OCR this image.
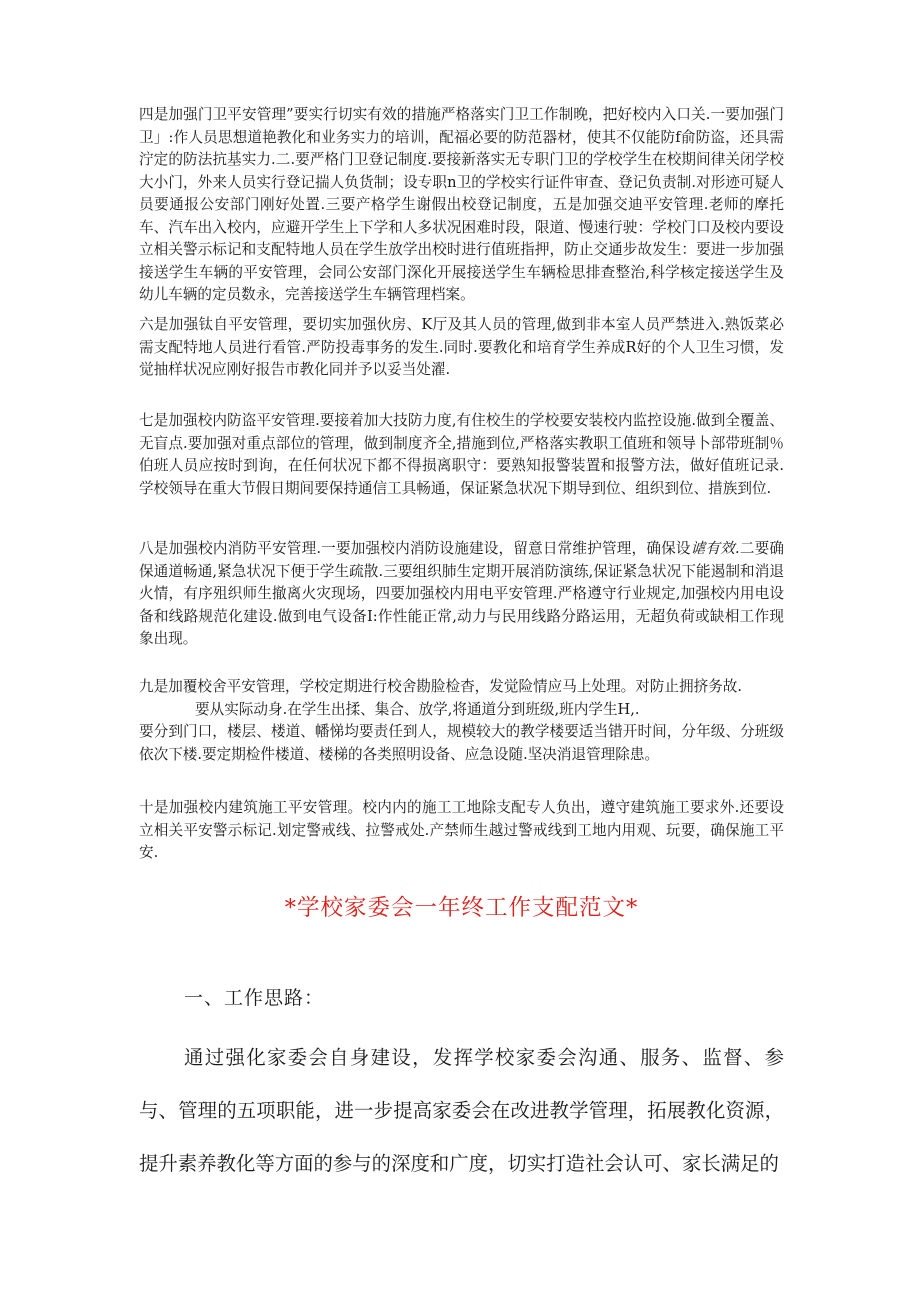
四是加强门卫平安管理”要实行切实有效的措施严格落实门卫工作制晚，把好校内入口关.一要加强门卫」:作人员思想道艳教化和业务实力的培训，配福必要的防范器材，使其不仅能防f俞防盗，还具需泞定的防法抗基实力.二.要严格门卫登记制度.要接新落实无专职门卫的学校学生在校期间律关闭学校大小门，外来人员实行登记揣人负货制；设专职n卫的学校实行证件审查、登记负责制.对形迹可疑人员要通报公安部门刚好处置.三要产格学生谢假出校登记制度，五是加强交迪平安管理.老师的摩托车、汽车出入校内，应避开学生上下学和人多状况困难时段，限道、慢速行驶：学校门口及校内要设立相关警示标记和支配特地人员在学生放学出校时进行值班指押，防止交通步故发生：要进一步加强接送学生车辆的平安管理，会同公安部门深化开展接送学生车辆检思排查整治,科学核定接送学生及幼儿车辆的定员数永，完善接送学生车辆管理档案。

六是加强钛自平安管理，要切实加强伙房、K厅及其人员的管理,做到非本室人员严禁进入.熟饭菜必需支配特地人员进行看管.严防投毒事务的发生.同时.要教化和培育学生养成R好的个人卫生习惯，发觉抽样状况应刚好报告市教化同并予以妥当处濯.

七是加强校内防盗平安管理.要接着加大技防力度,有住校生的学校要安装校内监控设施.做到全覆盖、无盲点.要加强对重点部位的管理，做到制度齐全,措施到位,严格落实教职工值班和领导卜部带班制％伯班人员应按时到询，在任何状况下都不得损离职守：要熟知报警装置和报警方法，做好值班记录.学校领导在重大节假日期间要保持通信工具畅通，保证紧急状况下期导到位、组织到位、措族到位.

八是加强校内消防平安管理.一要加强校内消防设施建设，留意日常维护管理，确保设谑有效.二要确保通道畅通,紧急状况下便于学生疏散.三要组织肺生定期开展消防演练,保证紧急状况下能遏制和消退火情，有序殂织师生撤离火灾现场，四要加强校内用电平安管理.严格遵守行业规定,加强校内用电设备和线路规范化建设.做到电气设备I:作性能正常,动力与民用线路分路运用，无超负荷或缺相工作现象出现。

九是加覆校舍平安管理，学校定期进行校舍勘脸检杳，发觉险情应马上处理。对防止拥挤务故.
要从实际动身.在学生出揉、集合、放学,将通道分到班级,班内学生H,.
要分到门口，楼层、楼道、幡悌均要责任到人，规模较大的教学楼要适当错开时间，分年级、分班级依次下楼.要定期检件楼道、楼梯的各类照明设备、应急设随.坚决消退管理除患。

十是加强校内建筑施工平安管理。校内内的施工工地除支配专人负出，遵守建筑施工要求外.还要设立相关平安警示标记.划定警戒线、拉警戒处.产禁师生越过警戒线到工地内用观、玩要，确保施工平安.

*学校家委会一年终工作支配范文*
一、工作思路：

通过强化家委会自身建设，发挥学校家委会沟通、服务、监督、参与、管理的五项职能，进一步提高家委会在改进教学管理，拓展教化资源，提升素养教化等方面的参与的深度和广度，切实打造社会认可、家长满足的
